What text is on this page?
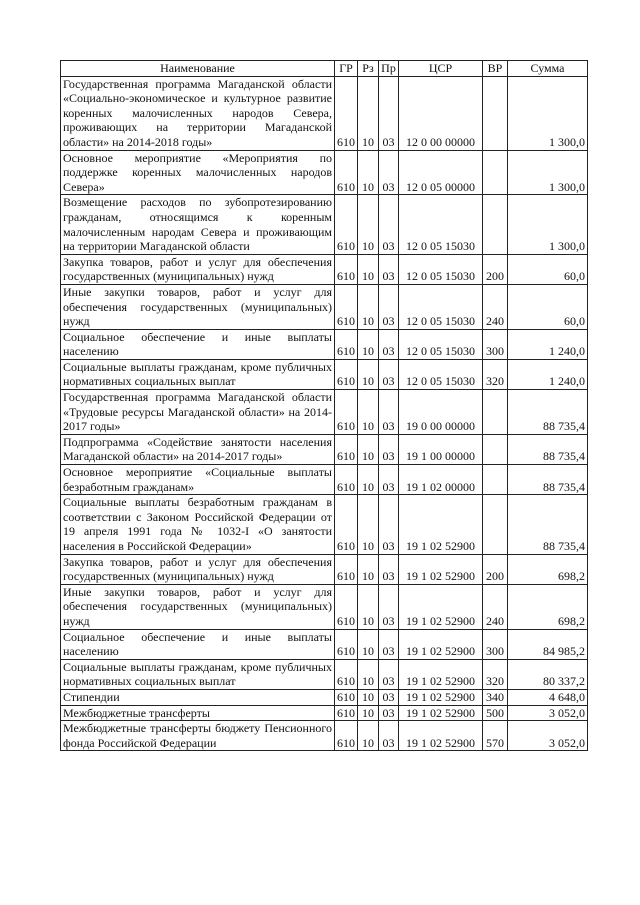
Наименование	ГР	Рз	Пр	ЦСР	ВР	Сумма
Государственная программа Магаданской области «Социально-экономическое и культурное развитие коренных малочисленных народов Севера, проживающих на территории Магаданской области» на 2014-2018 годы»	610	10	03	12 0 00 00000		1 300,0
Основное мероприятие «Мероприятия по поддержке коренных малочисленных народов Севера»	610	10	03	12 0 05 00000		1 300,0
Возмещение расходов по зубопротезированию гражданам, относящимся к коренным малочисленным народам Севера и проживающим на территории Магаданской области	610	10	03	12 0 05 15030		1 300,0
Закупка товаров, работ и услуг для обеспечения государственных (муниципальных) нужд	610	10	03	12 0 05 15030	200	60,0
Иные закупки товаров, работ и услуг для обеспечения государственных (муниципальных) нужд	610	10	03	12 0 05 15030	240	60,0
Социальное обеспечение и иные выплаты населению	610	10	03	12 0 05 15030	300	1 240,0
Социальные выплаты гражданам, кроме публичных нормативных социальных выплат	610	10	03	12 0 05 15030	320	1 240,0
Государственная программа Магаданской области «Трудовые ресурсы Магаданской области» на 2014-2017 годы»	610	10	03	19 0 00 00000		88 735,4
Подпрограмма «Содействие занятости населения Магаданской области» на 2014-2017 годы»	610	10	03	19 1 00 00000		88 735,4
Основное мероприятие «Социальные выплаты безработным гражданам»	610	10	03	19 1 02 00000		88 735,4
Социальные выплаты безработным гражданам в соответствии с Законом Российской Федерации от 19 апреля 1991 года № 1032-I «О занятости населения в Российской Федерации»	610	10	03	19 1 02 52900		88 735,4
Закупка товаров, работ и услуг для обеспечения государственных (муниципальных) нужд	610	10	03	19 1 02 52900	200	698,2
Иные закупки товаров, работ и услуг для обеспечения государственных (муниципальных) нужд	610	10	03	19 1 02 52900	240	698,2
Социальное обеспечение и иные выплаты населению	610	10	03	19 1 02 52900	300	84 985,2
Социальные выплаты гражданам, кроме публичных нормативных социальных выплат	610	10	03	19 1 02 52900	320	80 337,2
Стипендии	610	10	03	19 1 02 52900	340	4 648,0
Межбюджетные трансферты	610	10	03	19 1 02 52900	500	3 052,0
Межбюджетные трансферты бюджету Пенсионного фонда Российской Федерации	610	10	03	19 1 02 52900	570	3 052,0
